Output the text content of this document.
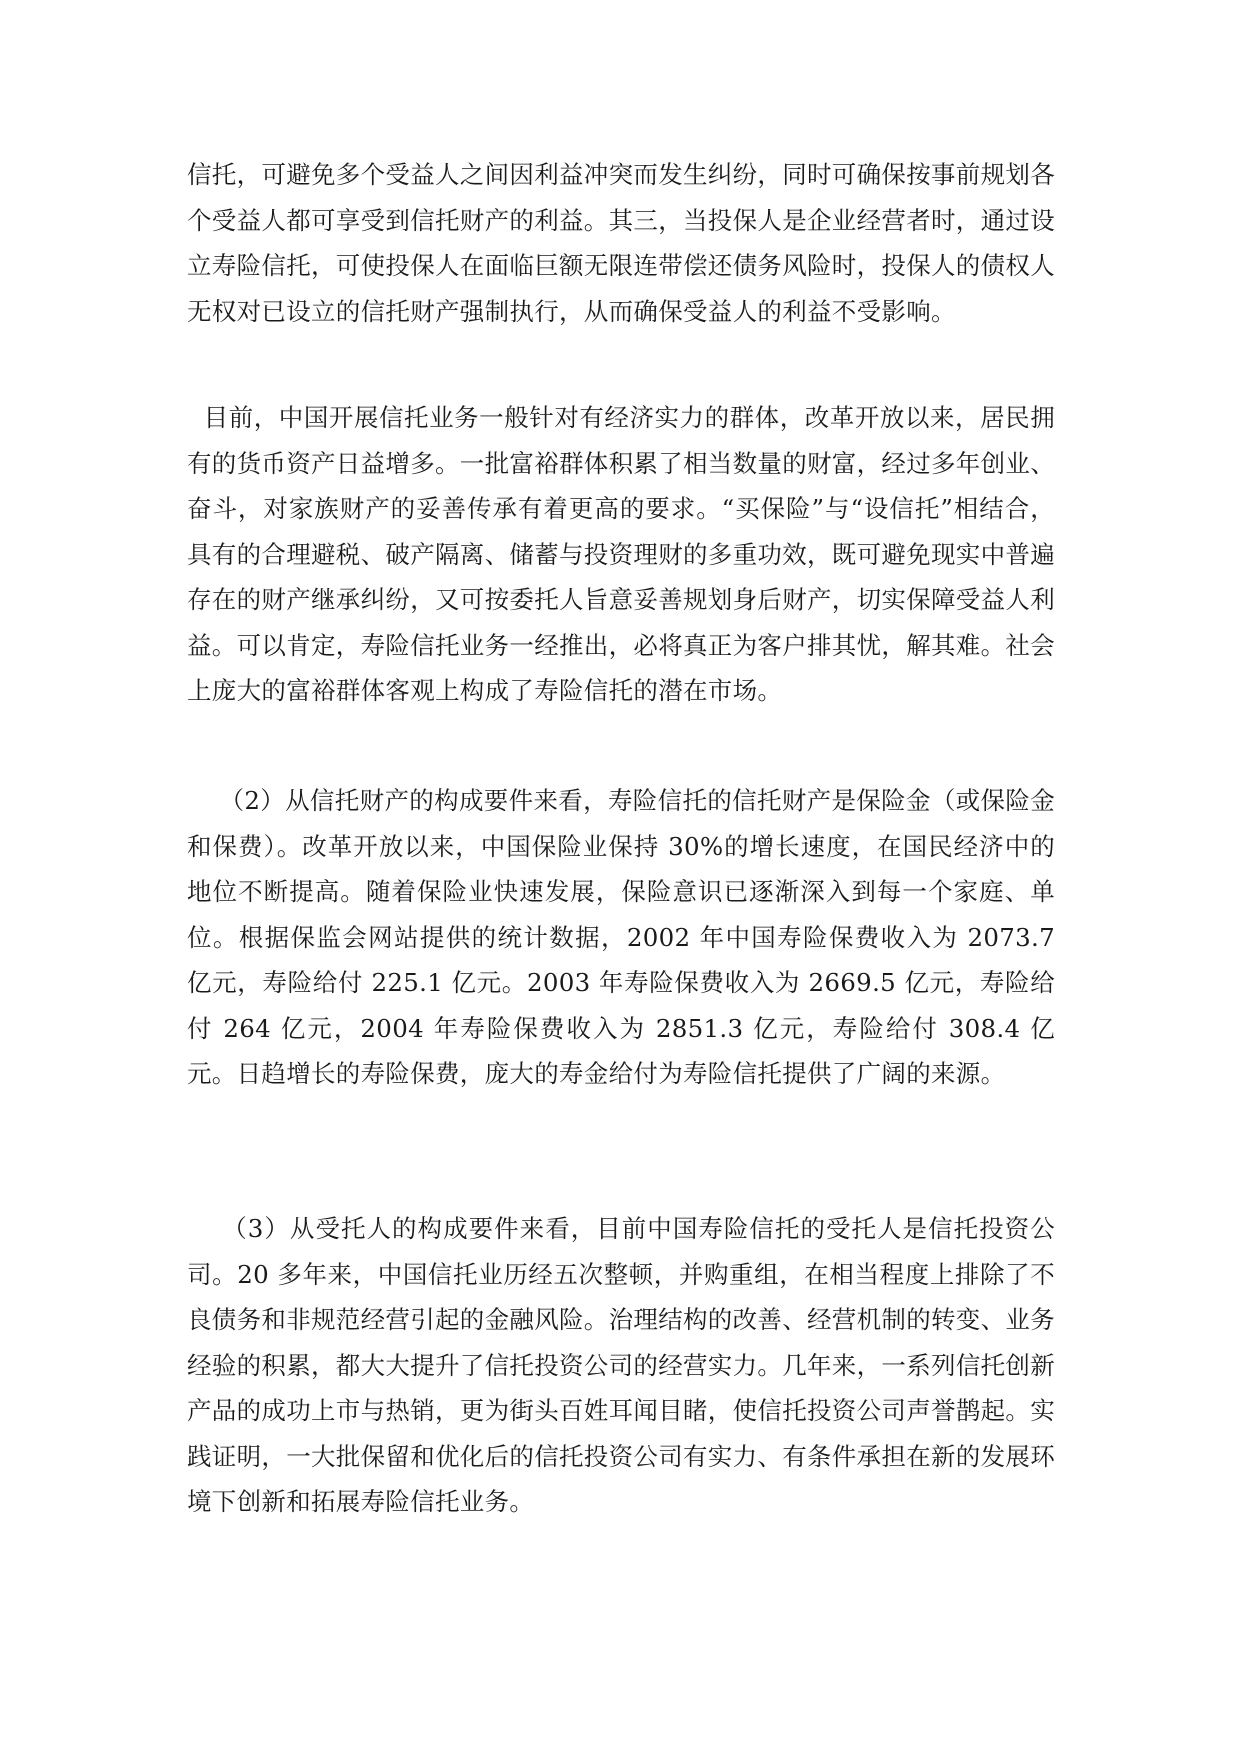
信托，可避免多个受益人之间因利益冲突而发生纠纷，同时可确保按事前规划各个受益人都可享受到信托财产的利益。其三，当投保人是企业经营者时，通过设立寿险信托，可使投保人在面临巨额无限连带偿还债务风险时，投保人的债权人无权对已设立的信托财产强制执行，从而确保受益人的利益不受影响。

目前，中国开展信托业务一般针对有经济实力的群体，改革开放以来，居民拥有的货币资产日益增多。一批富裕群体积累了相当数量的财富，经过多年创业、奋斗，对家族财产的妥善传承有着更高的要求。“买保险”与“设信托”相结合，具有的合理避税、破产隔离、储蓄与投资理财的多重功效，既可避免现实中普遍存在的财产继承纠纷，又可按委托人旨意妥善规划身后财产，切实保障受益人利益。可以肯定，寿险信托业务一经推出，必将真正为客户排其忧，解其难。社会上庞大的富裕群体客观上构成了寿险信托的潜在市场。

（2）从信托财产的构成要件来看，寿险信托的信托财产是保险金（或保险金和保费）。改革开放以来，中国保险业保持 30%的增长速度，在国民经济中的地位不断提高。随着保险业快速发展，保险意识已逐渐深入到每一个家庭、单位。根据保监会网站提供的统计数据，2002 年中国寿险保费收入为 2073.7 亿元，寿险给付 225.1 亿元。2003 年寿险保费收入为 2669.5 亿元，寿险给付 264 亿元，2004 年寿险保费收入为 2851.3 亿元，寿险给付 308.4 亿元。日趋增长的寿险保费，庞大的寿金给付为寿险信托提供了广阔的来源。

（3）从受托人的构成要件来看，目前中国寿险信托的受托人是信托投资公司。20 多年来，中国信托业历经五次整顿，并购重组，在相当程度上排除了不良债务和非规范经营引起的金融风险。治理结构的改善、经营机制的转变、业务经验的积累，都大大提升了信托投资公司的经营实力。几年来，一系列信托创新产品的成功上市与热销，更为街头百姓耳闻目睹，使信托投资公司声誉鹊起。实践证明，一大批保留和优化后的信托投资公司有实力、有条件承担在新的发展环境下创新和拓展寿险信托业务。
